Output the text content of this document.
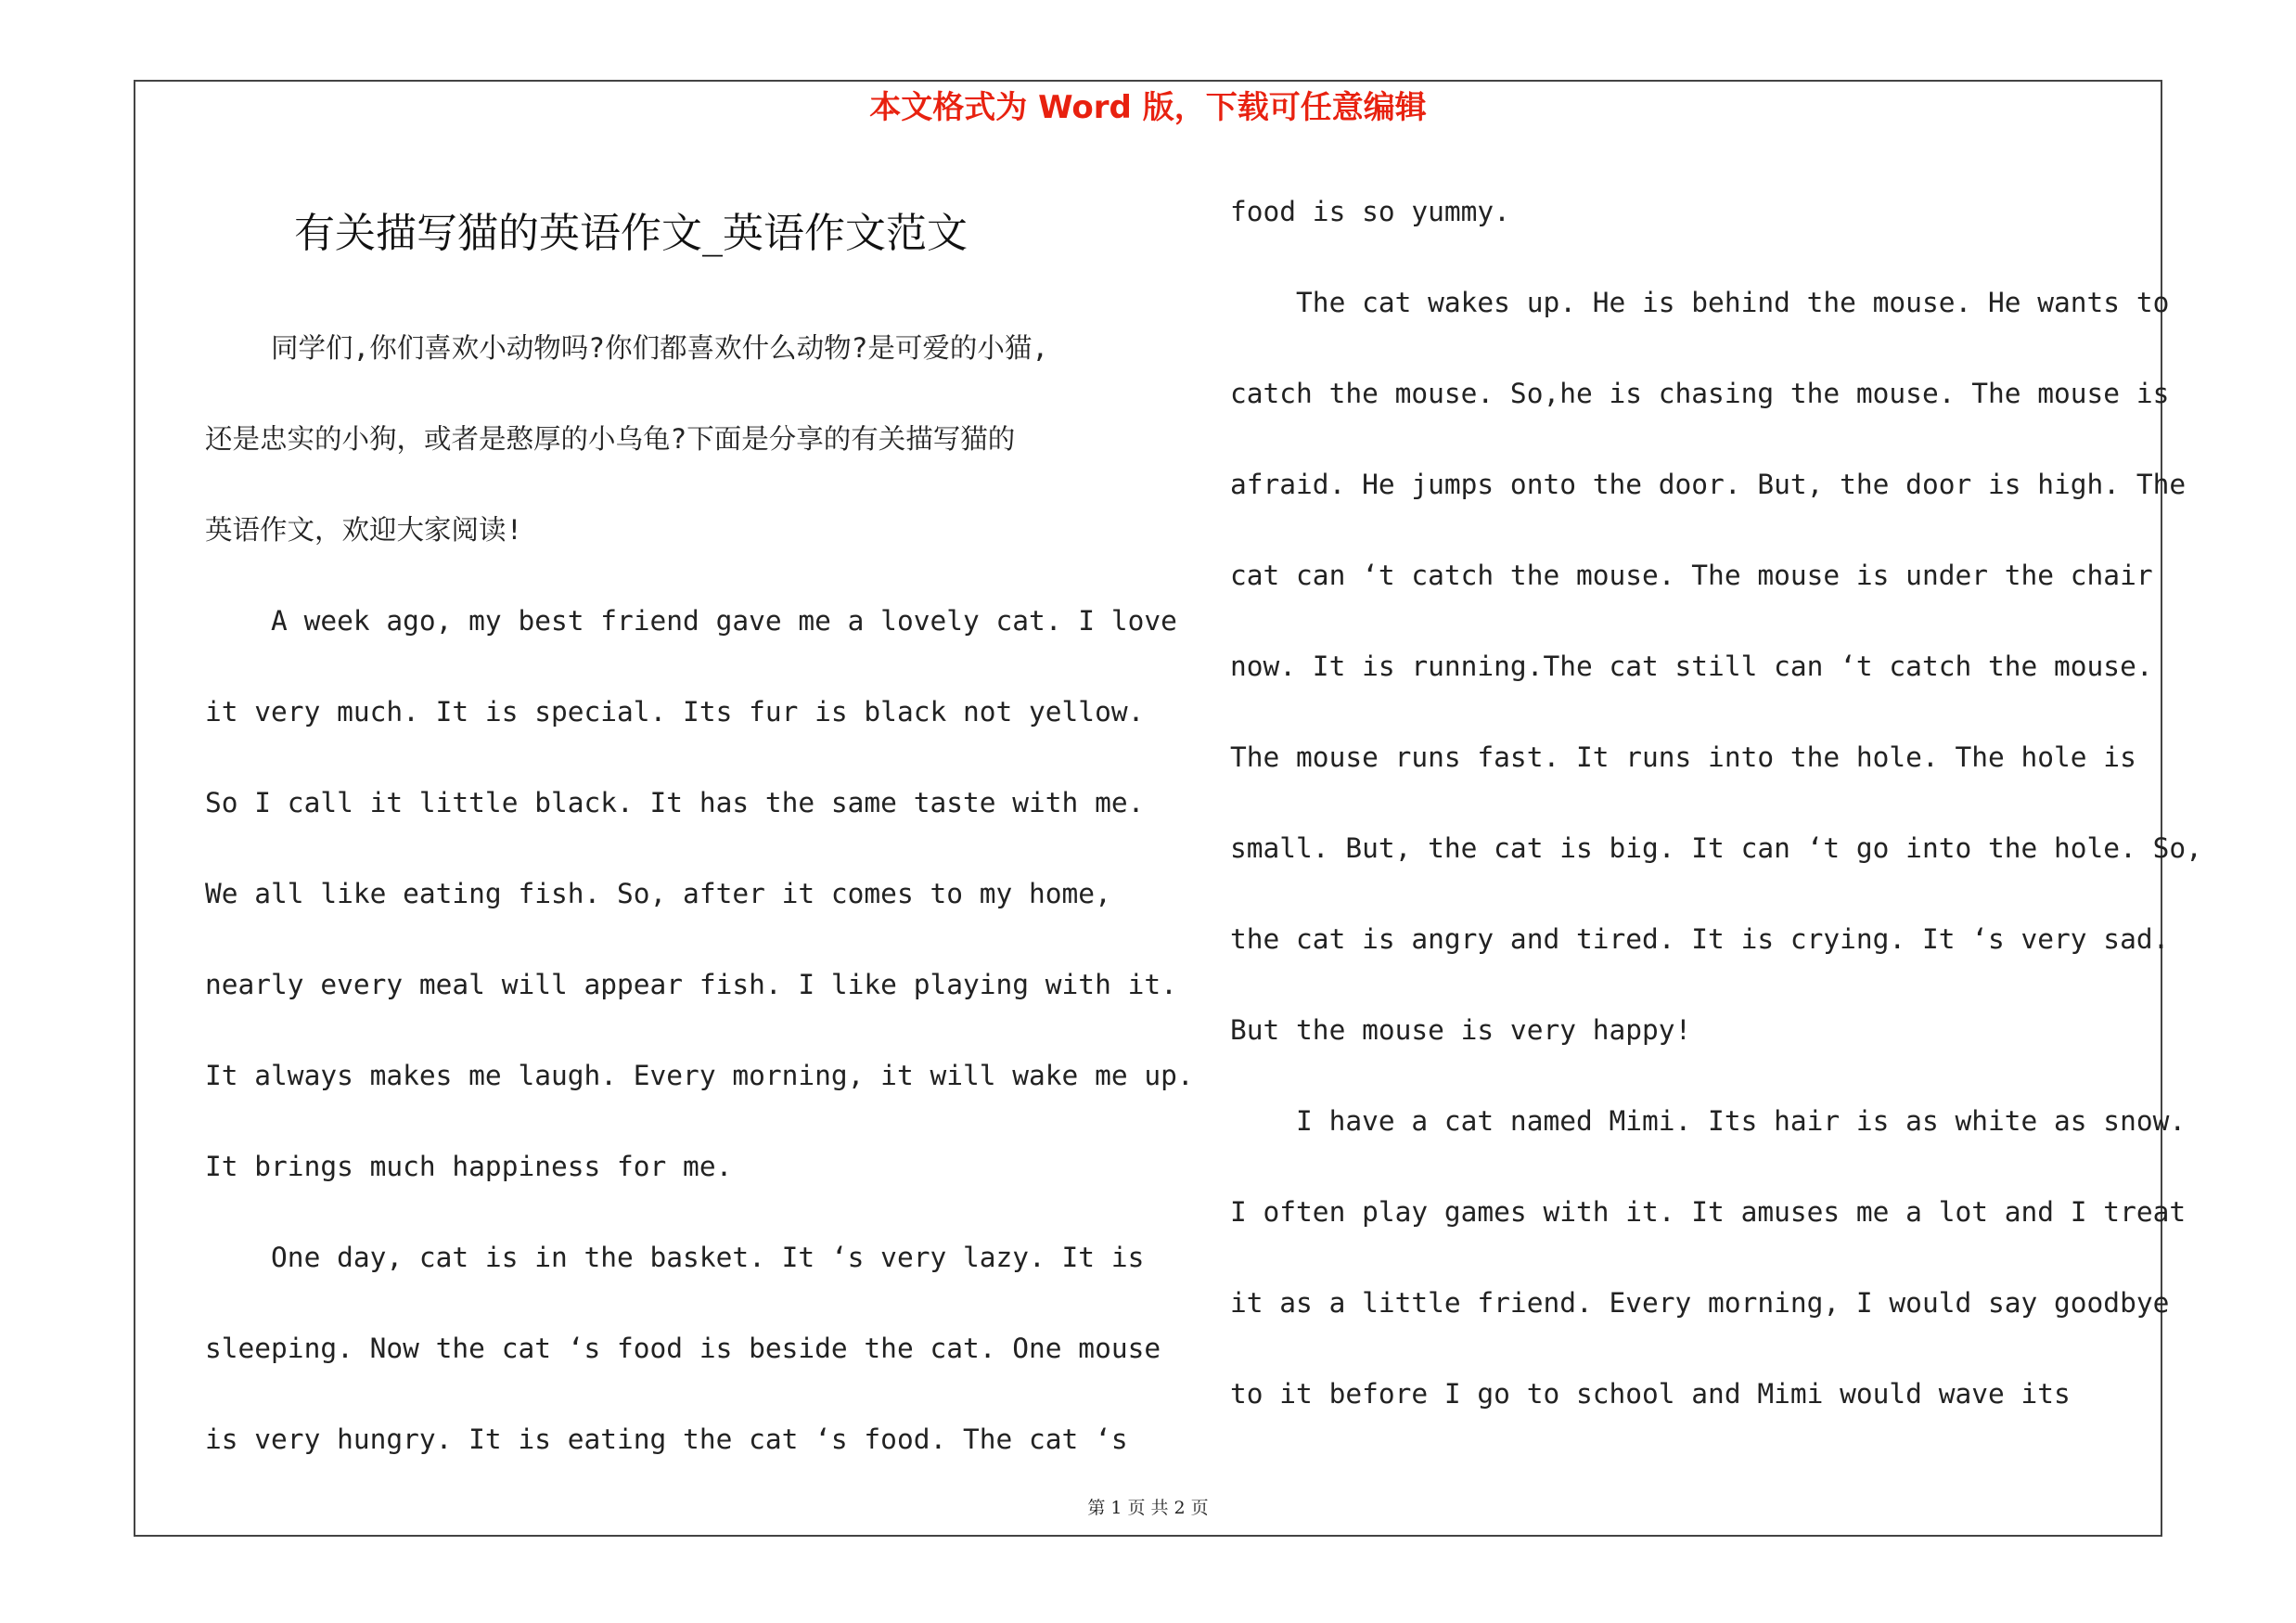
本文格式为 Word 版，下载可任意编辑
有关描写猫的英语作文_英语作文范文
同学们,你们喜欢小动物吗?你们都喜欢什么动物?是可爱的小猫,
还是忠实的小狗，或者是憨厚的小乌龟?下面是分享的有关描写猫的
英语作文，欢迎大家阅读!
A week ago, my best friend gave me a lovely cat. I love
it very much. It is special. Its fur is black not yellow.
So I call it little black. It has the same taste with me.
We all like eating fish. So, after it comes to my home,
nearly every meal will appear fish. I like playing with it.
It always makes me laugh. Every morning, it will wake me up.
It brings much happiness for me.
One day, cat is in the basket. It ‘s very lazy. It is
sleeping. Now the cat ‘s food is beside the cat. One mouse
is very hungry. It is eating the cat ‘s food. The cat ‘s
food is so yummy.
The cat wakes up. He is behind the mouse. He wants to
catch the mouse. So,he is chasing the mouse. The mouse is
afraid. He jumps onto the door. But, the door is high. The
cat can ‘t catch the mouse. The mouse is under the chair
now. It is running.The cat still can ‘t catch the mouse.
The mouse runs fast. It runs into the hole. The hole is
small. But, the cat is big. It can ‘t go into the hole. So,
the cat is angry and tired. It is crying. It ‘s very sad.
But the mouse is very happy!
I have a cat named Mimi. Its hair is as white as snow.
I often play games with it. It amuses me a lot and I treat
it as a little friend. Every morning, I would say goodbye
to it before I go to school and Mimi would wave its
第 1 页 共 2 页
